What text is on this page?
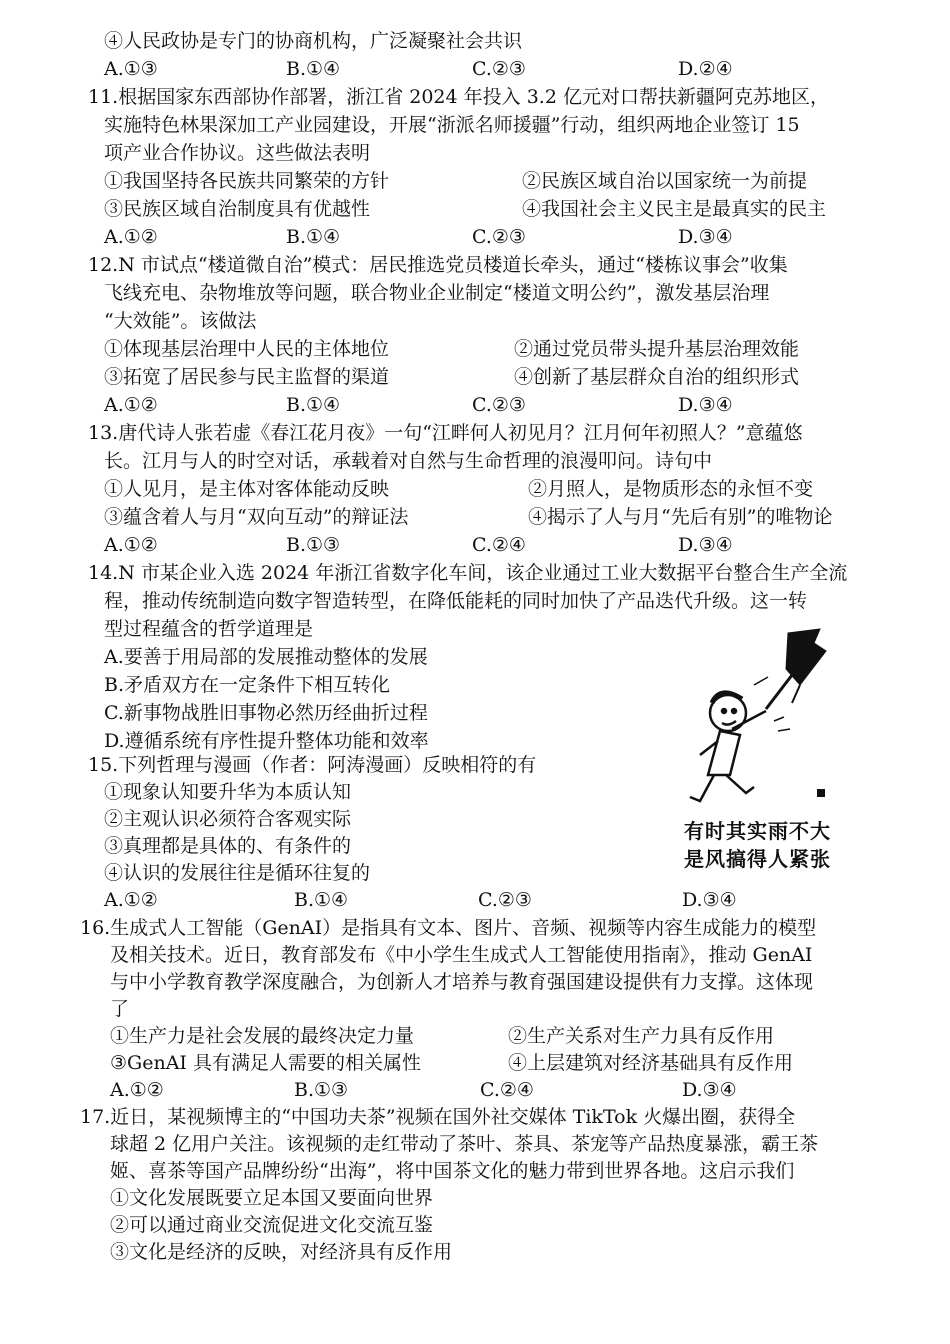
④人民政协是专门的协商机构，广泛凝聚社会共识
A.①③	B.①④	C.②③	D.②④
11.根据国家东西部协作部署，浙江省 2024 年投入 3.2 亿元对口帮扶新疆阿克苏地区，
实施特色林果深加工产业园建设，开展“浙派名师援疆”行动，组织两地企业签订 15
项产业合作协议。这些做法表明
①我国坚持各民族共同繁荣的方针	②民族区域自治以国家统一为前提
③民族区域自治制度具有优越性	④我国社会主义民主是最真实的民主
A.①②	B.①④	C.②③	D.③④
12.N 市试点“楼道微自治”模式：居民推选党员楼道长牵头，通过“楼栋议事会”收集
飞线充电、杂物堆放等问题，联合物业企业制定“楼道文明公约”，激发基层治理
“大效能”。该做法
①体现基层治理中人民的主体地位	②通过党员带头提升基层治理效能
③拓宽了居民参与民主监督的渠道	④创新了基层群众自治的组织形式
A.①②	B.①④	C.②③	D.③④
13.唐代诗人张若虚《春江花月夜》一句“江畔何人初见月？江月何年初照人？”意蕴悠
长。江月与人的时空对话，承载着对自然与生命哲理的浪漫叩问。诗句中
①人见月，是主体对客体能动反映	②月照人，是物质形态的永恒不变
③蕴含着人与月“双向互动”的辩证法	④揭示了人与月“先后有别”的唯物论
A.①②	B.①③	C.②④	D.③④
14.N 市某企业入选 2024 年浙江省数字化车间，该企业通过工业大数据平台整合生产全流
程，推动传统制造向数字智造转型，在降低能耗的同时加快了产品迭代升级。这一转
型过程蕴含的哲学道理是
A.要善于用局部的发展推动整体的发展
B.矛盾双方在一定条件下相互转化
C.新事物战胜旧事物必然历经曲折过程
D.遵循系统有序性提升整体功能和效率
15.下列哲理与漫画（作者：阿涛漫画）反映相符的有
①现象认知要升华为本质认知
②主观认识必须符合客观实际
③真理都是具体的、有条件的
④认识的发展往往是循环往复的
A.①②	B.①④	C.②③	D.③④
有时其实雨不大
是风搞得人紧张
16.生成式人工智能（GenAI）是指具有文本、图片、音频、视频等内容生成能力的模型
及相关技术。近日，教育部发布《中小学生生成式人工智能使用指南》，推动 GenAI
与中小学教育教学深度融合，为创新人才培养与教育强国建设提供有力支撑。这体现
了
①生产力是社会发展的最终决定力量	②生产关系对生产力具有反作用
③GenAI 具有满足人需要的相关属性	④上层建筑对经济基础具有反作用
A.①②	B.①③	C.②④	D.③④
17.近日，某视频博主的“中国功夫茶”视频在国外社交媒体 TikTok 火爆出圈，获得全
球超 2 亿用户关注。该视频的走红带动了茶叶、茶具、茶宠等产品热度暴涨，霸王茶
姬、喜茶等国产品牌纷纷“出海”，将中国茶文化的魅力带到世界各地。这启示我们
①文化发展既要立足本国又要面向世界
②可以通过商业交流促进文化交流互鉴
③文化是经济的反映，对经济具有反作用
